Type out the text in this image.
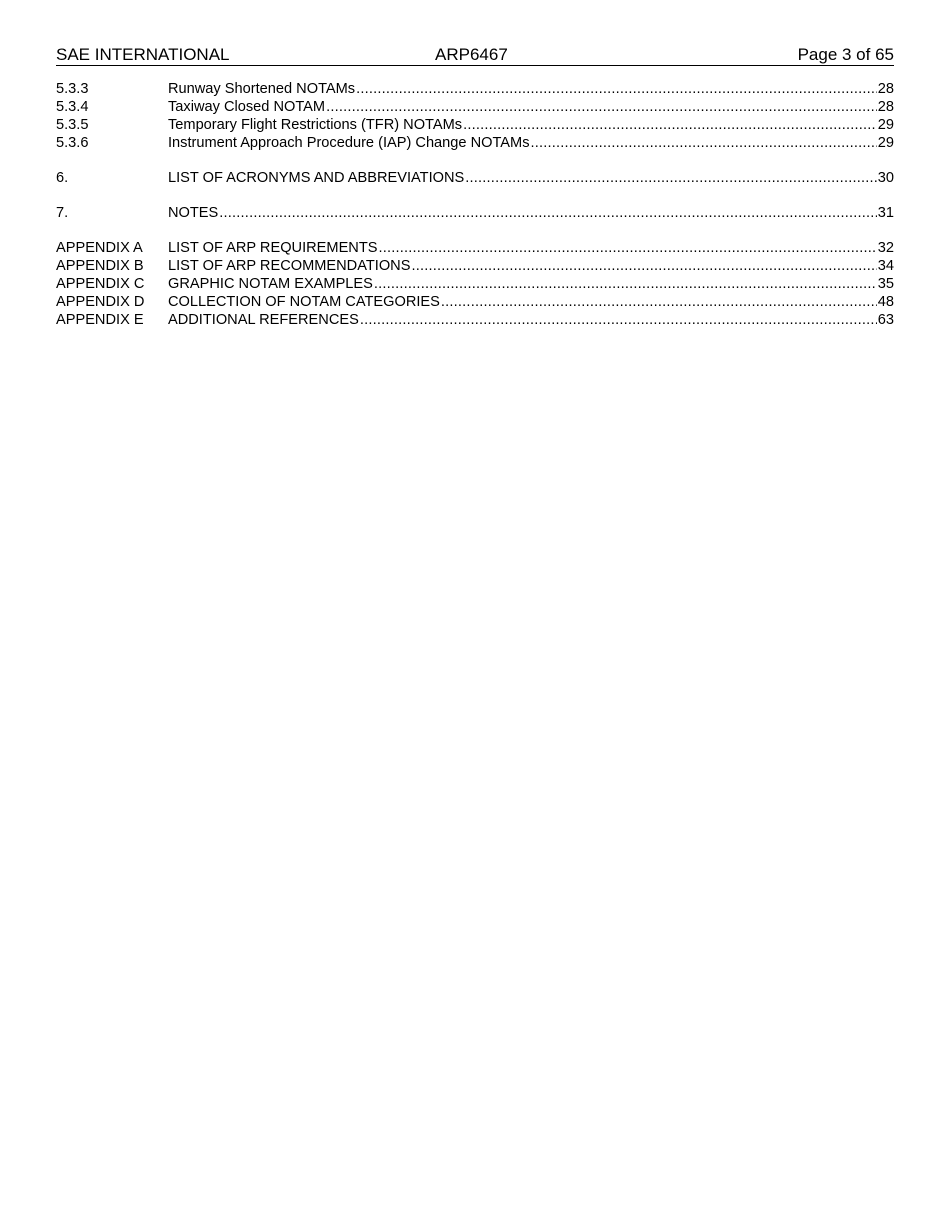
SAE INTERNATIONAL	ARP6467	Page 3 of 65
5.3.3	Runway Shortened NOTAMs .....	28
5.3.4	Taxiway Closed NOTAM .....	28
5.3.5	Temporary Flight Restrictions (TFR) NOTAMs .....	29
5.3.6	Instrument Approach Procedure (IAP) Change NOTAMs .....	29
6.	LIST OF ACRONYMS AND ABBREVIATIONS .....	30
7.	NOTES .....	31
APPENDIX A	LIST OF ARP REQUIREMENTS .....	32
APPENDIX B	LIST OF ARP RECOMMENDATIONS .....	34
APPENDIX C	GRAPHIC NOTAM EXAMPLES .....	35
APPENDIX D	COLLECTION OF NOTAM CATEGORIES .....	48
APPENDIX E	ADDITIONAL REFERENCES .....	63
